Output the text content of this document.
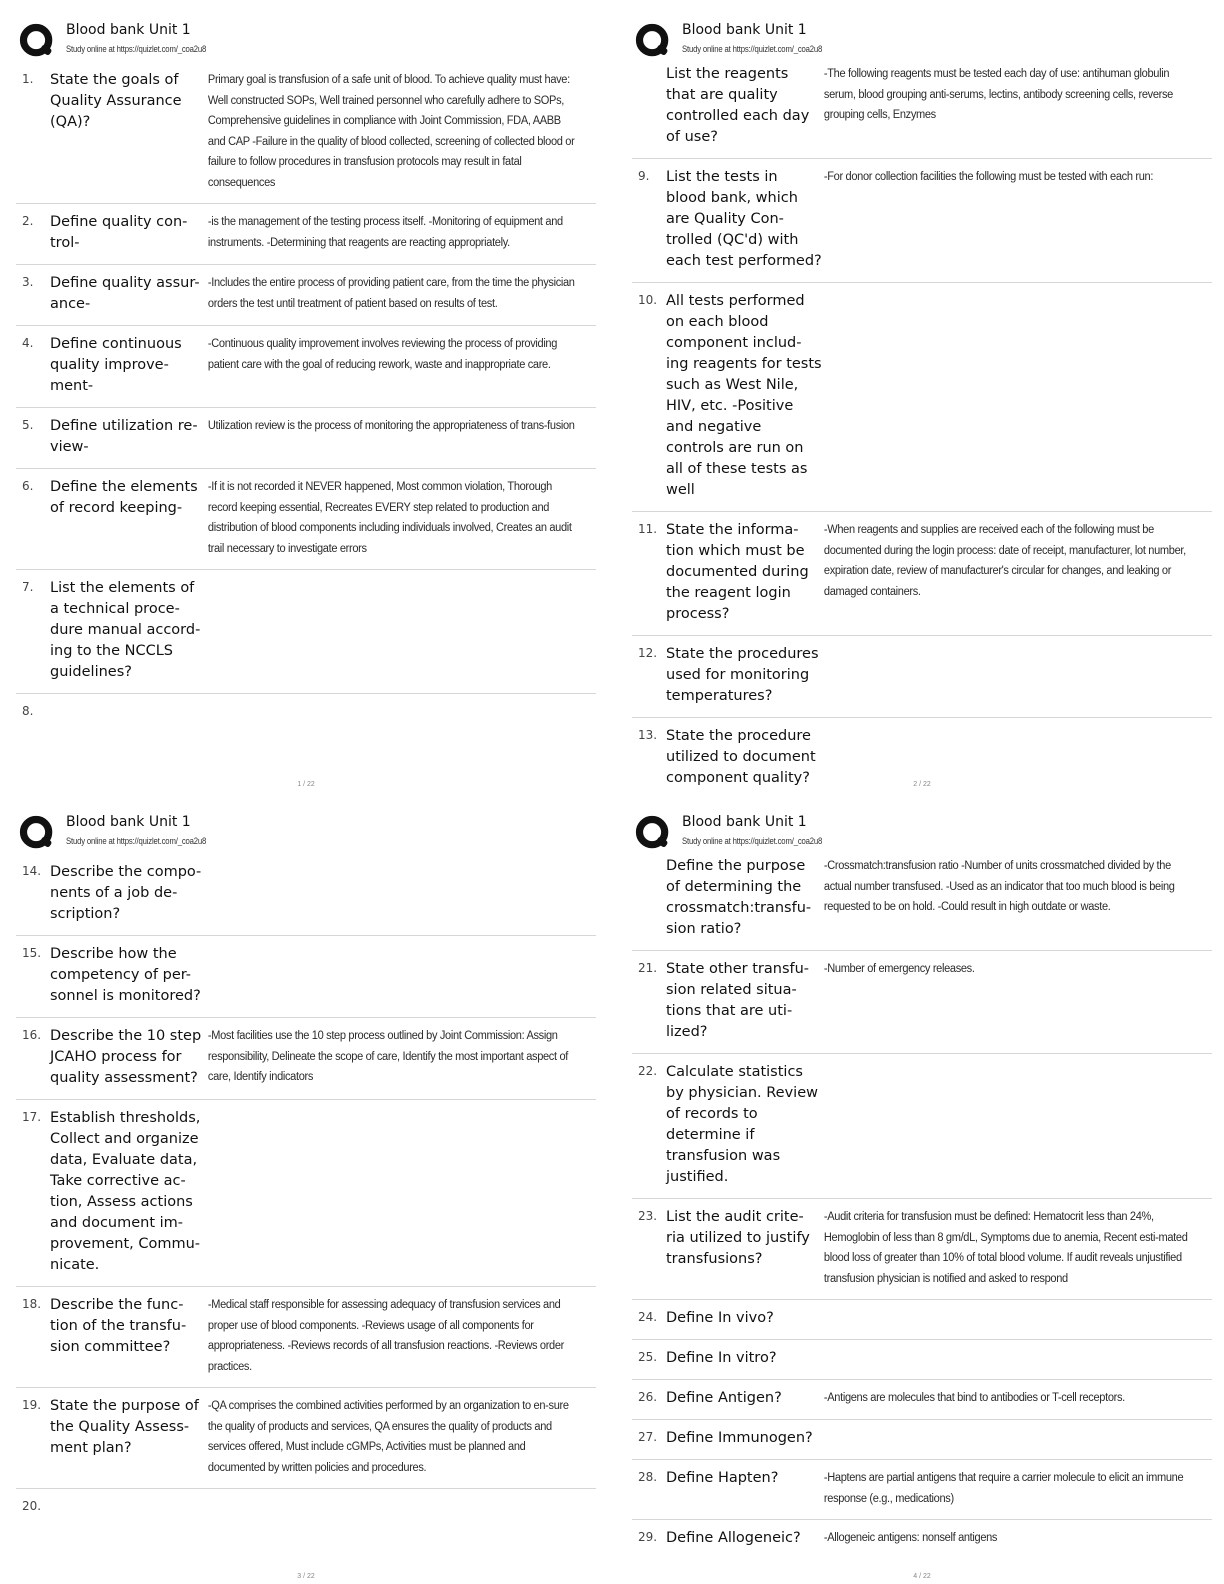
Blood bank Unit 1
Study online at https://quizlet.com/_coa2u8
1.	State the goals of Quality Assurance (QA)?
Primary goal is transfusion of a safe unit of blood. To achieve quality must have: Well constructed SOPs, Well trained personnel who carefully adhere to SOPs, Comprehensive guidelines in compliance with Joint Commission, FDA, AABB and CAP -Failure in the quality of blood collected, screening of collected blood or failure to follow procedures in transfusion protocols may result in fatal consequences
2.	Define quality con-trol-
-is the management of the testing process itself. -Monitoring of equipment and instruments. -Determining that reagents are reacting appropriately.
3.	Define quality assur-ance-
-Includes the entire process of providing patient care, from the time the physician orders the test until treatment of patient based on results of test.
4.	Define continuous quality improve-ment-
-Continuous quality improvement involves reviewing the process of providing patient care with the goal of reducing rework, waste and inappropriate care.
5.	Define utilization re-view-
Utilization review is the process of monitoring the appropriateness of trans-fusion
6.	Define the elements of record keeping-
-If it is not recorded it NEVER happened, Most common violation, Thorough record keeping essential, Recreates EVERY step related to production and distribution of blood components including individuals involved, Creates an audit trail necessary to investigate errors
7.	List the elements of a technical proce-dure manual accord-ing to the NCCLS guidelines?
8.
1 / 22
Blood bank Unit 1
Study online at https://quizlet.com/_coa2u8
List the reagents that are quality controlled each day of use?
-The following reagents must be tested each day of use: antihuman globulin serum, blood grouping anti-serums, lectins, antibody screening cells, reverse grouping cells, Enzymes
9.	List the tests in blood bank, which are Quality Con-trolled (QC'd) with each test performed?
-For donor collection facilities the following must be tested with each run:
10. All tests performed on each blood component includ-ing reagents for tests such as West Nile, HIV, etc. -Positive and negative controls are run on all of these tests as well
11. State the informa-tion which must be documented during the reagent login process?
-When reagents and supplies are received each of the following must be documented during the login process: date of receipt, manufacturer, lot number, expiration date, review of manufacturer's circular for changes, and leaking or damaged containers.
12. State the procedures used for monitoring temperatures?
13. State the procedure utilized to document component quality?	2 / 22
Blood bank Unit 1
Study online at https://quizlet.com/_coa2u8
14. Describe the compo-nents of a job de-scription?
15. Describe how the competency of per-sonnel is monitored?
16. Describe the 10 step JCAHO process for quality assessment?
-Most facilities use the 10 step process outlined by Joint Commission: Assign responsibility, Delineate the scope of care, Identify the most important aspect of care, Identify indicators
17. Establish thresholds, Collect and organize data, Evaluate data, Take corrective ac-tion, Assess actions and document im-provement, Commu-nicate.
18. Describe the func-tion of the transfu-sion committee?
-Medical staff responsible for assessing adequacy of transfusion services and proper use of blood components. -Reviews usage of all components for appropriateness. -Reviews records of all transfusion reactions. -Reviews order practices.
19. State the purpose of the Quality Assess-ment plan?
-QA comprises the combined activities performed by an organization to en-sure the quality of products and services, QA ensures the quality of products and services offered, Must include cGMPs, Activities must be planned and documented by written policies and procedures.
20.
3 / 22
Blood bank Unit 1
Study online at https://quizlet.com/_coa2u8
Define the purpose of determining the crossmatch:transfu-sion ratio?
-Crossmatch:transfusion ratio -Number of units crossmatched divided by the actual number transfused. -Used as an indicator that too much blood is being requested to be on hold. -Could result in high outdate or waste.
21. State other transfu-sion related situa-tions that are uti-lized?
-Number of emergency releases.
22. Calculate statistics by physician. Review of records to determine if transfusion was justified.
23. List the audit crite-ria utilized to justify transfusions?
-Audit criteria for transfusion must be defined: Hematocrit less than 24%, Hemoglobin of less than 8 gm/dL, Symptoms due to anemia, Recent esti-mated blood loss of greater than 10% of total blood volume. If audit reveals unjustified transfusion physician is notified and asked to respond
24. Define In vivo?
25. Define In vitro?
26. Define Antigen?	-Antigens are molecules that bind to antibodies or T-cell receptors.
27. Define Immunogen?
28. Define Hapten?	-Haptens are partial antigens that require a carrier molecule to elicit an immune response (e.g., medications)
29. Define Allogeneic?	-Allogeneic antigens: nonself antigens
4 / 22
